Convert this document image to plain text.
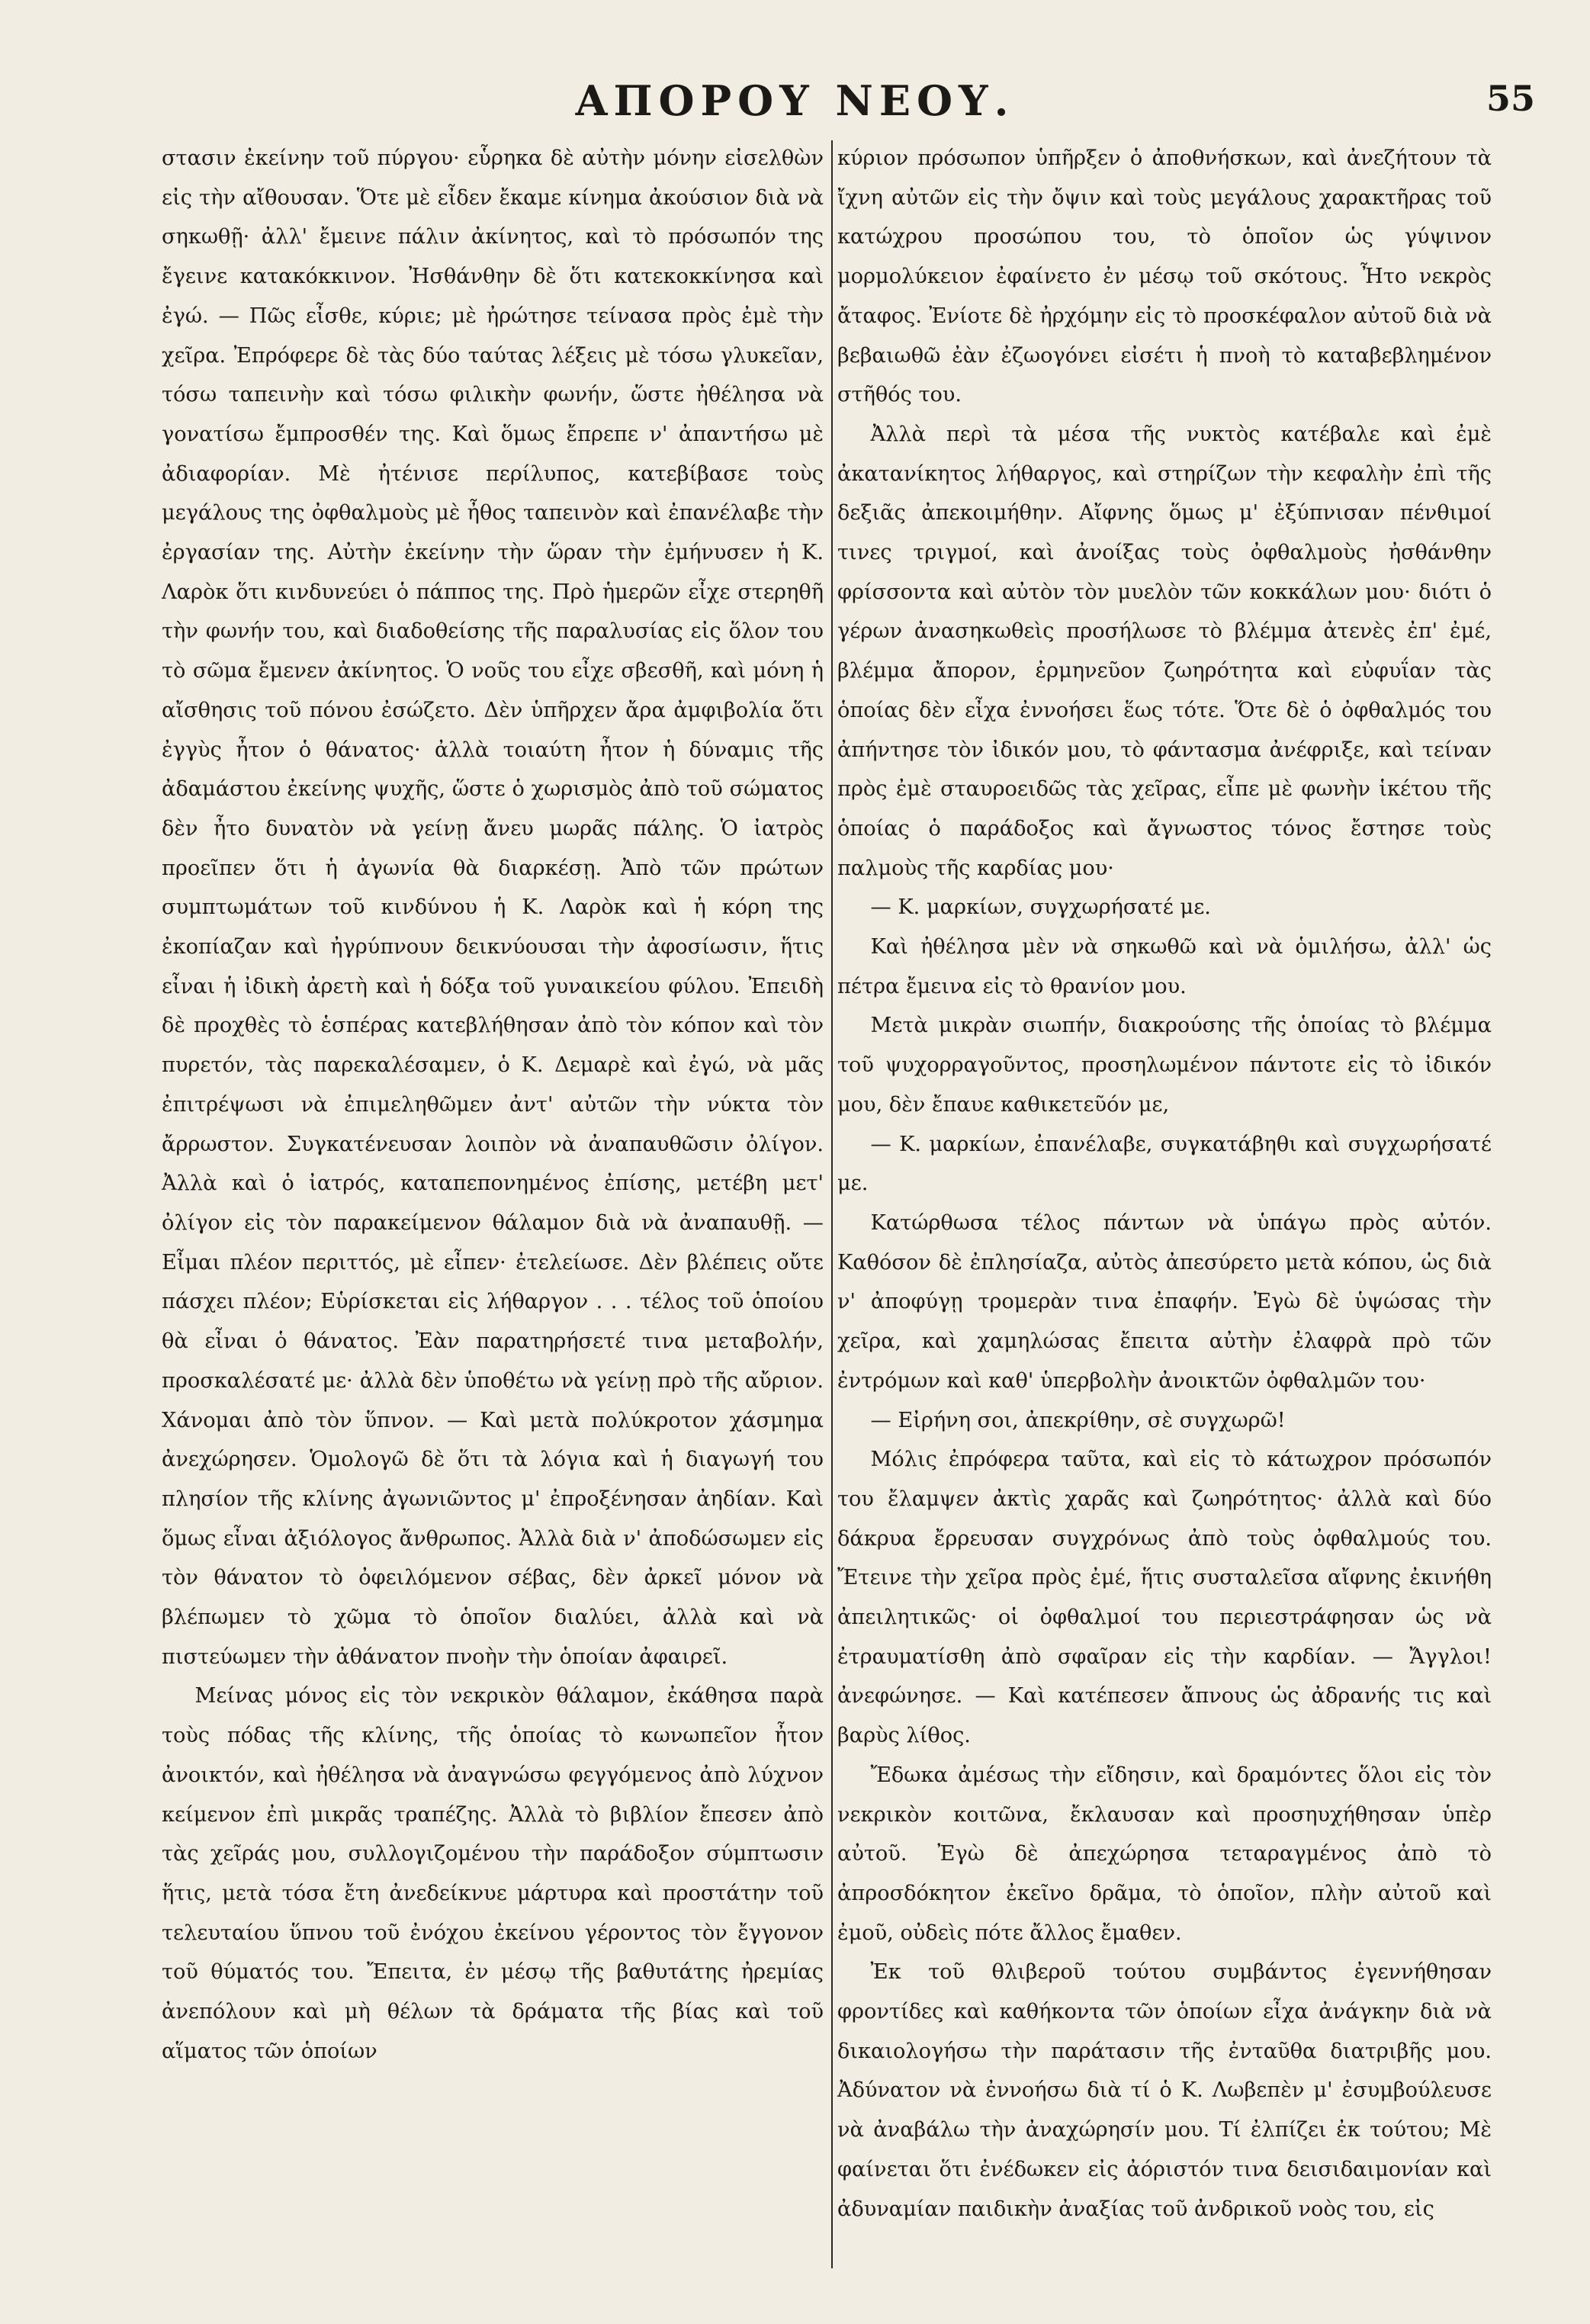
ΑΠΟΡΟΥ ΝΕΟΥ.	55

στασιν ἐκείνην τοῦ πύργου· εὗρηκα δὲ αὐτὴν μόνην εἰσελθὼν εἰς τὴν αἴθουσαν. Ὅτε μὲ εἶδεν ἔκαμε κίνημα ἀκούσιον διὰ νὰ σηκωθῇ· ἀλλ' ἔμεινε πάλιν ἀκίνητος, καὶ τὸ πρόσωπόν της ἔγεινε κατακόκκινον. Ἠσθάνθην δὲ ὅτι κατεκοκκίνησα καὶ ἐγώ. — Πῶς εἶσθε, κύριε; μὲ ἠρώτησε τείνασα πρὸς ἐμὲ τὴν χεῖρα. Ἐπρόφερε δὲ τὰς δύο ταύτας λέξεις μὲ τόσω γλυκεῖαν, τόσω ταπεινὴν καὶ τόσω φιλικὴν φωνήν, ὥστε ἠθέλησα νὰ γονατίσω ἔμπροσθέν της. Καὶ ὅμως ἔπρεπε ν' ἀπαντήσω μὲ ἀδιαφορίαν. Μὲ ἠτένισε περίλυπος, κατεβίβασε τοὺς μεγάλους της ὀφθαλμοὺς μὲ ἦθος ταπεινὸν καὶ ἐπανέλαβε τὴν ἐργασίαν της. Αὐτὴν ἐκείνην τὴν ὥραν τὴν ἐμήνυσεν ἡ Κ. Λαρὸκ ὅτι κινδυνεύει ὁ πάππος της. Πρὸ ἡμερῶν εἶχε στερηθῆ τὴν φωνήν του, καὶ διαδοθείσης τῆς παραλυσίας εἰς ὅλον του τὸ σῶμα ἔμενεν ἀκίνητος. Ὁ νοῦς του εἶχε σβεσθῆ, καὶ μόνη ἡ αἴσθησις τοῦ πόνου ἐσώζετο. Δὲν ὑπῆρχεν ἄρα ἀμφιβολία ὅτι ἐγγὺς ἦτον ὁ θάνατος· ἀλλὰ τοιαύτη ἦτον ἡ δύναμις τῆς ἀδαμάστου ἐκείνης ψυχῆς, ὥστε ὁ χωρισμὸς ἀπὸ τοῦ σώματος δὲν ἦτο δυνατὸν νὰ γείνῃ ἄνευ μωρᾶς πάλης. Ὁ ἰατρὸς προεῖπεν ὅτι ἡ ἀγωνία θὰ διαρκέσῃ. Ἀπὸ τῶν πρώτων συμπτωμάτων τοῦ κινδύνου ἡ Κ. Λαρὸκ καὶ ἡ κόρη της ἐκοπίαζαν καὶ ἠγρύπνουν δεικνύουσαι τὴν ἀφοσίωσιν, ἥτις εἶναι ἡ ἰδικὴ ἀρετὴ καὶ ἡ δόξα τοῦ γυναικείου φύλου. Ἐπειδὴ δὲ προχθὲς τὸ ἑσπέρας κατεβλήθησαν ἀπὸ τὸν κόπον καὶ τὸν πυρετόν, τὰς παρεκαλέσαμεν, ὁ Κ. Δεμαρὲ καὶ ἐγώ, νὰ μᾶς ἐπιτρέψωσι νὰ ἐπιμεληθῶμεν ἀντ' αὐτῶν τὴν νύκτα τὸν ἄρρωστον. Συγκατένευσαν λοιπὸν νὰ ἀναπαυθῶσιν ὀλίγον. Ἀλλὰ καὶ ὁ ἰατρός, καταπεπονημένος ἐπίσης, μετέβη μετ' ὀλίγον εἰς τὸν παρακείμενον θάλαμον διὰ νὰ ἀναπαυθῇ. — Εἶμαι πλέον περιττός, μὲ εἶπεν· ἐτελείωσε. Δὲν βλέπεις οὔτε πάσχει πλέον; Εὑρίσκεται εἰς λήθαργον . . . τέλος τοῦ ὁποίου θὰ εἶναι ὁ θάνατος. Ἐὰν παρατηρήσετέ τινα μεταβολήν, προσκαλέσατέ με· ἀλλὰ δὲν ὑποθέτω νὰ γείνῃ πρὸ τῆς αὔριον. Χάνομαι ἀπὸ τὸν ὕπνον. — Καὶ μετὰ πολύκροτον χάσμημα ἀνεχώρησεν. Ὁμολογῶ δὲ ὅτι τὰ λόγια καὶ ἡ διαγωγή του πλησίον τῆς κλίνης ἀγωνιῶντος μ' ἐπροξένησαν ἀηδίαν. Καὶ ὅμως εἶναι ἀξιόλογος ἄνθρωπος. Ἀλλὰ διὰ ν' ἀποδώσωμεν εἰς τὸν θάνατον τὸ ὀφειλόμενον σέβας, δὲν ἀρκεῖ μόνον νὰ βλέπωμεν τὸ χῶμα τὸ ὁποῖον διαλύει, ἀλλὰ καὶ νὰ πιστεύωμεν τὴν ἀθάνατον πνοὴν τὴν ὁποίαν ἀφαιρεῖ.

Μείνας μόνος εἰς τὸν νεκρικὸν θάλαμον, ἐκάθησα παρὰ τοὺς πόδας τῆς κλίνης, τῆς ὁποίας τὸ κωνωπεῖον ἦτον ἀνοικτόν, καὶ ἠθέλησα νὰ ἀναγνώσω φεγγόμενος ἀπὸ λύχνον κείμενον ἐπὶ μικρᾶς τραπέζης. Ἀλλὰ τὸ βιβλίον ἔπεσεν ἀπὸ τὰς χεῖράς μου, συλλογιζομένου τὴν παράδοξον σύμπτωσιν ἥτις, μετὰ τόσα ἔτη ἀνεδείκνυε μάρτυρα καὶ προστάτην τοῦ τελευταίου ὕπνου τοῦ ἐνόχου ἐκείνου γέροντος τὸν ἔγγονον τοῦ θύματός του. Ἔπειτα, ἐν μέσῳ τῆς βαθυτάτης ἠρεμίας ἀνεπόλουν καὶ μὴ θέλων τὰ δράματα τῆς βίας καὶ τοῦ αἵματος τῶν ὁποίων

κύριον πρόσωπον ὑπῆρξεν ὁ ἀποθνήσκων, καὶ ἀνεζήτουν τὰ ἴχνη αὐτῶν εἰς τὴν ὄψιν καὶ τοὺς μεγάλους χαρακτῆρας τοῦ κατώχρου προσώπου του, τὸ ὁποῖον ὡς γύψινον μορμολύκειον ἐφαίνετο ἐν μέσῳ τοῦ σκότους. Ἦτο νεκρὸς ἄταφος. Ἐνίοτε δὲ ἠρχόμην εἰς τὸ προσκέφαλον αὐτοῦ διὰ νὰ βεβαιωθῶ ἐὰν ἐζωογόνει εἰσέτι ἡ πνοὴ τὸ καταβεβλημένον στῆθός του.

Ἀλλὰ περὶ τὰ μέσα τῆς νυκτὸς κατέβαλε καὶ ἐμὲ ἀκατανίκητος λήθαργος, καὶ στηρίζων τὴν κεφαλὴν ἐπὶ τῆς δεξιᾶς ἀπεκοιμήθην. Αἴφνης ὅμως μ' ἐξύπνισαν πένθιμοί τινες τριγμοί, καὶ ἀνοίξας τοὺς ὀφθαλμοὺς ἠσθάνθην φρίσσοντα καὶ αὐτὸν τὸν μυελὸν τῶν κοκκάλων μου· διότι ὁ γέρων ἀνασηκωθεὶς προσήλωσε τὸ βλέμμα ἀτενὲς ἐπ' ἐμέ, βλέμμα ἄπορον, ἐρμηνεῦον ζωηρότητα καὶ εὐφυΐαν τὰς ὁποίας δὲν εἶχα ἐννοήσει ἕως τότε. Ὅτε δὲ ὁ ὀφθαλμός του ἀπήντησε τὸν ἰδικόν μου, τὸ φάντασμα ἀνέφριξε, καὶ τείναν πρὸς ἐμὲ σταυροειδῶς τὰς χεῖρας, εἶπε μὲ φωνὴν ἱκέτου τῆς ὁποίας ὁ παράδοξος καὶ ἄγνωστος τόνος ἔστησε τοὺς παλμοὺς τῆς καρδίας μου·

— Κ. μαρκίων, συγχωρήσατέ με.

Καὶ ἠθέλησα μὲν νὰ σηκωθῶ καὶ νὰ ὁμιλήσω, ἀλλ' ὡς πέτρα ἔμεινα εἰς τὸ θρανίον μου.

Μετὰ μικρὰν σιωπήν, διακρούσης τῆς ὁποίας τὸ βλέμμα τοῦ ψυχορραγοῦντος, προσηλωμένον πάντοτε εἰς τὸ ἰδικόν μου, δὲν ἔπαυε καθικετεῦόν με,

— Κ. μαρκίων, ἐπανέλαβε, συγκατάβηθι καὶ συγχωρήσατέ με.

Κατώρθωσα τέλος πάντων νὰ ὑπάγω πρὸς αὐτόν. Καθόσον δὲ ἐπλησίαζα, αὐτὸς ἀπεσύρετο μετὰ κόπου, ὡς διὰ ν' ἀποφύγῃ τρομερὰν τινα ἐπαφήν. Ἐγὼ δὲ ὑψώσας τὴν χεῖρα, καὶ χαμηλώσας ἔπειτα αὐτὴν ἐλαφρὰ πρὸ τῶν ἐντρόμων καὶ καθ' ὑπερβολὴν ἀνοικτῶν ὀφθαλμῶν του·

— Εἰρήνη σοι, ἀπεκρίθην, σὲ συγχωρῶ!

Μόλις ἐπρόφερα ταῦτα, καὶ εἰς τὸ κάτωχρον πρόσωπόν του ἔλαμψεν ἀκτὶς χαρᾶς καὶ ζωηρότητος· ἀλλὰ καὶ δύο δάκρυα ἔρρευσαν συγχρόνως ἀπὸ τοὺς ὀφθαλμούς του. Ἔτεινε τὴν χεῖρα πρὸς ἐμέ, ἥτις συσταλεῖσα αἴφνης ἐκινήθη ἀπειλητικῶς· οἱ ὀφθαλμοί του περιεστράφησαν ὡς νὰ ἐτραυματίσθη ἀπὸ σφαῖραν εἰς τὴν καρδίαν. — Ἄγγλοι! ἀνεφώνησε. — Καὶ κατέπεσεν ἄπνους ὡς ἀδρανής τις καὶ βαρὺς λίθος.

Ἔδωκα ἀμέσως τὴν εἴδησιν, καὶ δραμόντες ὅλοι εἰς τὸν νεκρικὸν κοιτῶνα, ἔκλαυσαν καὶ προσηυχήθησαν ὑπὲρ αὐτοῦ. Ἐγὼ δὲ ἀπεχώρησα τεταραγμένος ἀπὸ τὸ ἀπροσδόκητον ἐκεῖνο δρᾶμα, τὸ ὁποῖον, πλὴν αὐτοῦ καὶ ἐμοῦ, οὐδεὶς πότε ἄλλος ἔμαθεν.

Ἐκ τοῦ θλιβεροῦ τούτου συμβάντος ἐγεννήθησαν φροντίδες καὶ καθήκοντα τῶν ὁποίων εἶχα ἀνάγκην διὰ νὰ δικαιολογήσω τὴν παράτασιν τῆς ἐνταῦθα διατριβῆς μου. Ἀδύνατον νὰ ἐννοήσω διὰ τί ὁ Κ. Λωβεπὲν μ' ἐσυμβούλευσε νὰ ἀναβάλω τὴν ἀναχώρησίν μου. Τί ἐλπίζει ἐκ τούτου; Μὲ φαίνεται ὅτι ἐνέδωκεν εἰς ἀόριστόν τινα δεισιδαιμονίαν καὶ ἀδυναμίαν παιδικὴν ἀναξίας τοῦ ἀνδρικοῦ νοὸς του, εἰς
